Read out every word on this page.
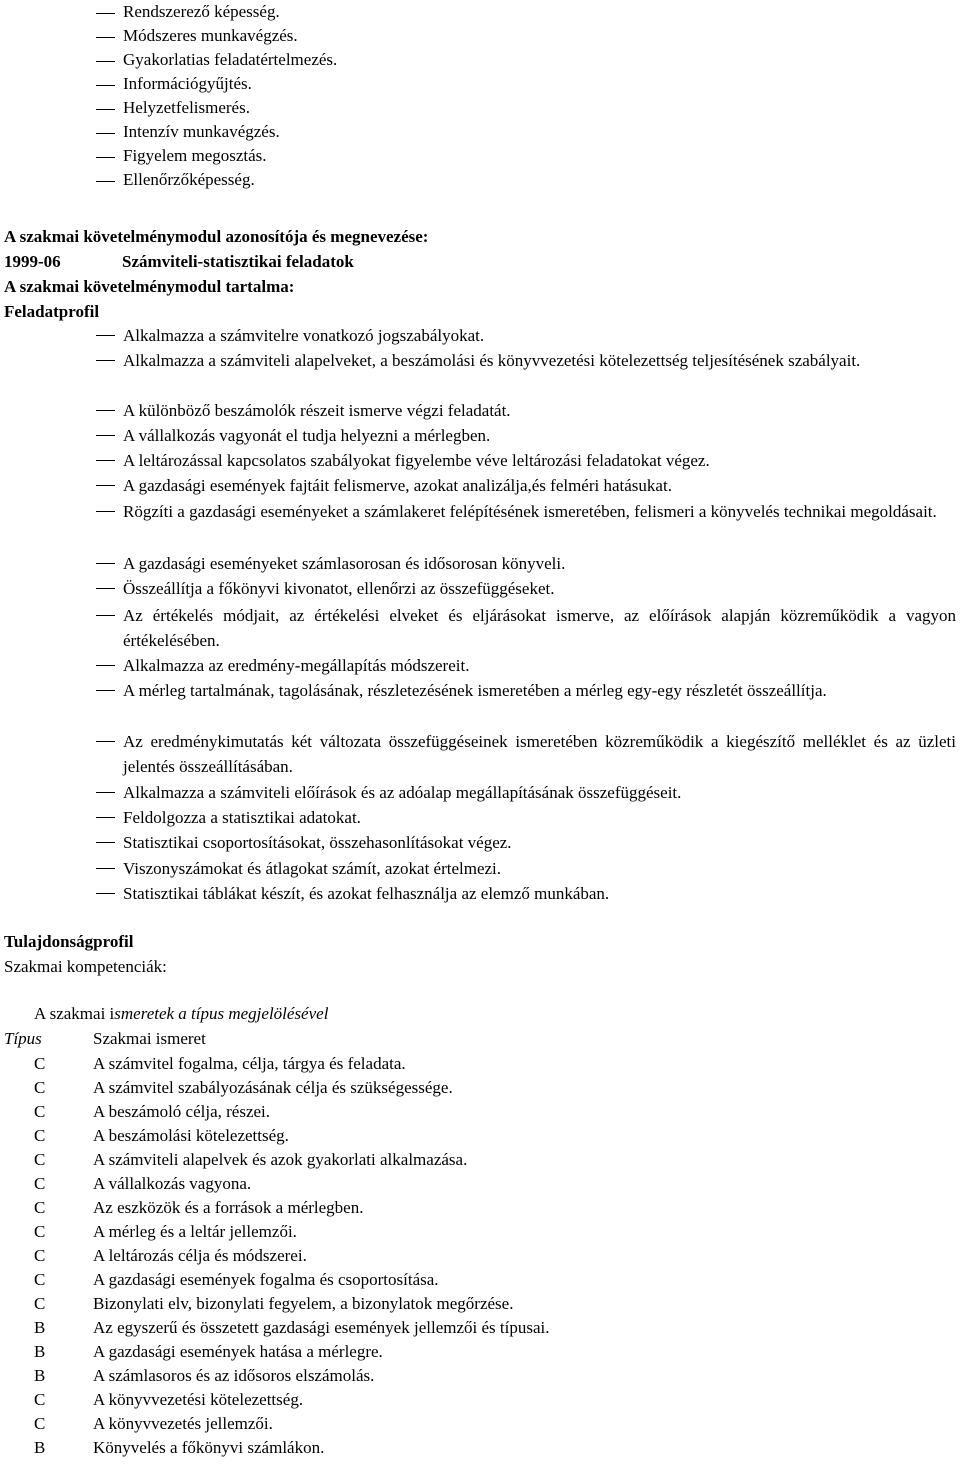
Rendszerező képesség.
Módszeres munkavégzés.
Gyakorlatias feladatértelmezés.
Információgyűjtés.
Helyzetfelismerés.
Intenzív munkavégzés.
Figyelem megosztás.
Ellenőrzőképesség.
A szakmai követelménymodul azonosítója és megnevezése:
1999-06	Számviteli-statisztikai feladatok
A szakmai követelménymodul tartalma:
Feladatprofil
Alkalmazza a számvitelre vonatkozó jogszabályokat.
Alkalmazza a számviteli alapelveket, a beszámolási és könyvvezetési kötelezettség teljesítésének szabályait.
A különböző beszámolók részeit ismerve végzi feladatát.
A vállalkozás vagyonát el tudja helyezni a mérlegben.
A leltározással kapcsolatos szabályokat figyelembe véve leltározási feladatokat végez.
A gazdasági események fajtáit felismerve, azokat analizálja,és felméri hatásukat.
Rögzíti a gazdasági eseményeket a számlakeret felépítésének ismeretében, felismeri a könyvelés technikai megoldásait.
A gazdasági eseményeket számlasorosan és idősorosan könyveli.
Összeállítja a főkönyvi kivonatot, ellenőrzi az összefüggéseket.
Az értékelés módjait, az értékelési elveket és eljárásokat ismerve, az előírások alapján közreműködik a vagyon értékelésében.
Alkalmazza az eredmény-megállapítás módszereit.
A mérleg tartalmának, tagolásának, részletezésének ismeretében a mérleg egy-egy részletét összeállítja.
Az eredménykimutatás két változata összefüggéseinek ismeretében közreműködik a kiegészítő melléklet és az üzleti jelentés összeállításában.
Alkalmazza a számviteli előírások és az adóalap megállapításának összefüggéseit.
Feldolgozza a statisztikai adatokat.
Statisztikai csoportosításokat, összehasonlításokat végez.
Viszonyszámokat és átlagokat számít, azokat értelmezi.
Statisztikai táblákat készít, és azokat felhasználja az elemző munkában.
Tulajdonságprofil
Szakmai kompetenciák:
A szakmai ismeretek a típus megjelölésével
Típus	Szakmai ismeret
C	A számvitel fogalma, célja, tárgya és feladata.
C	A számvitel szabályozásának célja és szükségessége.
C	A beszámoló célja, részei.
C	A beszámolási kötelezettség.
C	A számviteli alapelvek és azok gyakorlati alkalmazása.
C	A vállalkozás vagyona.
C	Az eszközök és a források a mérlegben.
C	A mérleg és a leltár jellemzői.
C	A leltározás célja és módszerei.
C	A gazdasági események fogalma és csoportosítása.
C	Bizonylati elv, bizonylati fegyelem, a bizonylatok megőrzése.
B	Az egyszerű és összetett gazdasági események jellemzői és típusai.
B	A gazdasági események hatása a mérlegre.
B	A számlasoros és az idősoros elszámolás.
C	A könyvvezetési kötelezettség.
C	A könyvvezetés jellemzői.
B	Könyvelés a főkönyvi számlákon.
